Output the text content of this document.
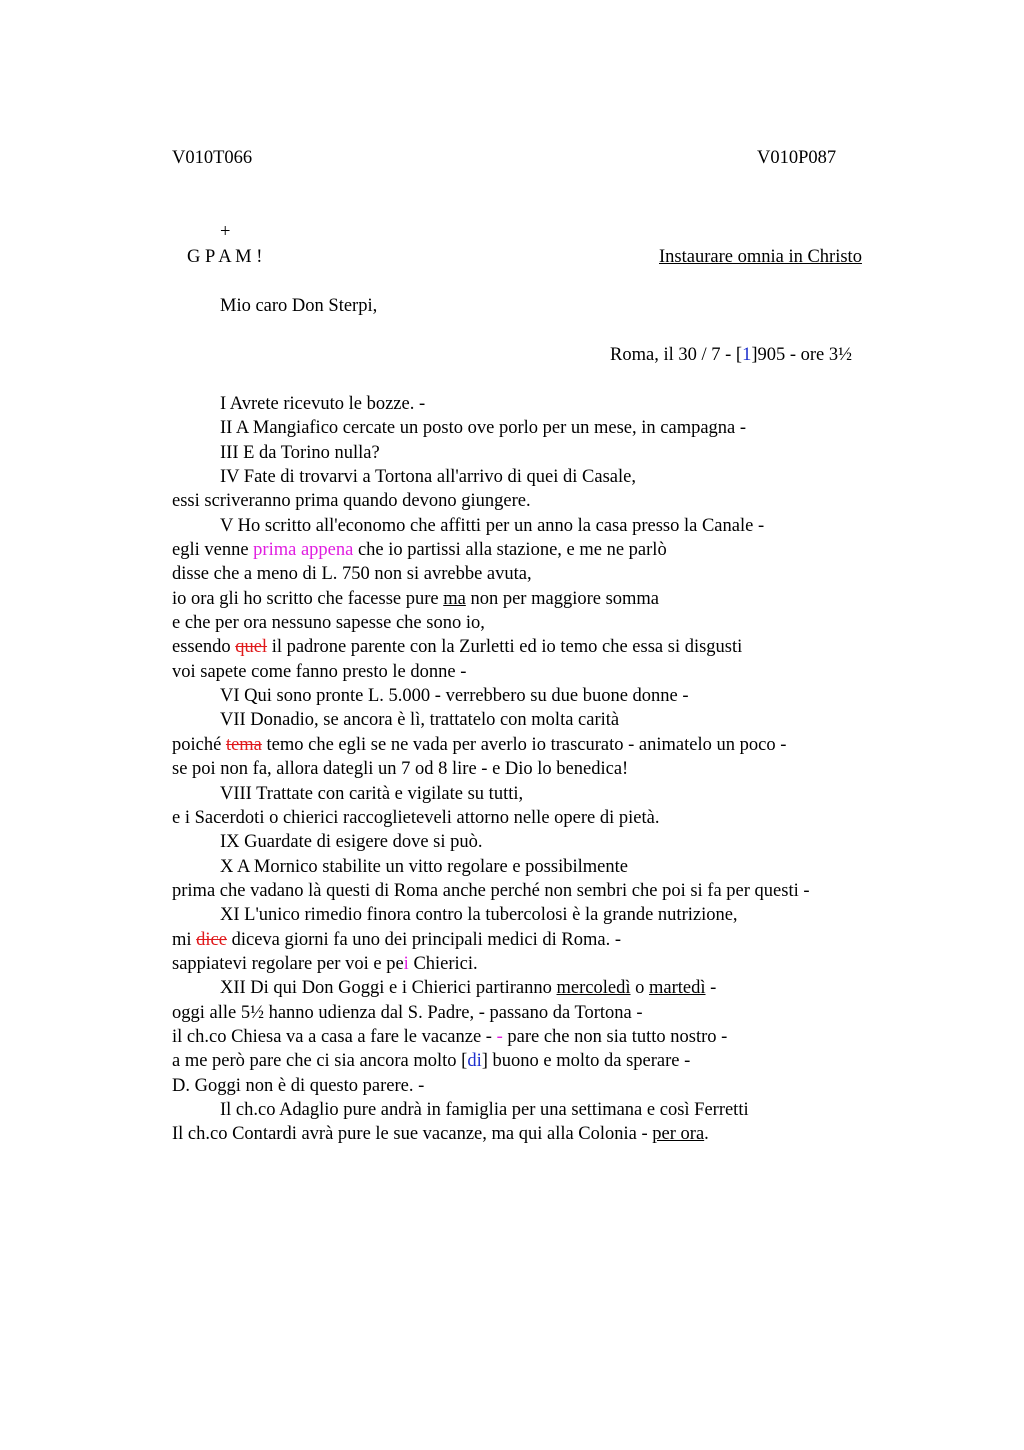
V010T066	V010P087
+
G P A M !	Instaurare omnia in Christo
Mio caro Don Sterpi,
Roma, il 30 / 7 - [1]905 - ore 3½
I Avrete ricevuto le bozze. -
II A Mangiafico cercate un posto ove porlo per un mese, in campagna -
III E da Torino nulla?
IV Fate di trovarvi a Tortona all'arrivo di quei di Casale,
essi scriveranno prima quando devono giungere.
V Ho scritto all'economo che affitti per un anno la casa presso la Canale -
egli venne prima appena che io partissi alla stazione, e me ne parlò
disse che a meno di L. 750 non si avrebbe avuta,
io ora gli ho scritto che facesse pure ma non per maggiore somma
e che per ora nessuno sapesse che sono io,
essendo quel il padrone parente con la Zurletti ed io temo che essa si disgusti
voi sapete come fanno presto le donne -
VI Qui sono pronte L. 5.000 - verrebbero su due buone donne -
VII Donadio, se ancora è lì, trattatelo con molta carità
poiché tema temo che egli se ne vada per averlo io trascurato - animatelo un poco -
se poi non fa, allora dategli un 7 od 8 lire - e Dio lo benedica!
VIII Trattate con carità e vigilate su tutti,
e i Sacerdoti o chierici raccoglieteveli attorno nelle opere di pietà.
IX Guardate di esigere dove si può.
X A Mornico stabilite un vitto regolare e possibilmente
prima che vadano là questi di Roma anche perché non sembri che poi si fa per questi -
XI L'unico rimedio finora contro la tubercolosi è la grande nutrizione,
mi dice diceva giorni fa uno dei principali medici di Roma. -
sappiatevi regolare per voi e pei Chierici.
XII Di qui Don Goggi e i Chierici partiranno mercoledì o martedì -
oggi alle 5½ hanno udienza dal S. Padre, - passano da Tortona -
il ch.co Chiesa va a casa a fare le vacanze - - pare che non sia tutto nostro -
a me però pare che ci sia ancora molto [di] buono e molto da sperare -
D. Goggi non è di questo parere. -
Il ch.co Adaglio pure andrà in famiglia per una settimana e così Ferretti
Il ch.co Contardi avrà pure le sue vacanze, ma qui alla Colonia - per ora.
